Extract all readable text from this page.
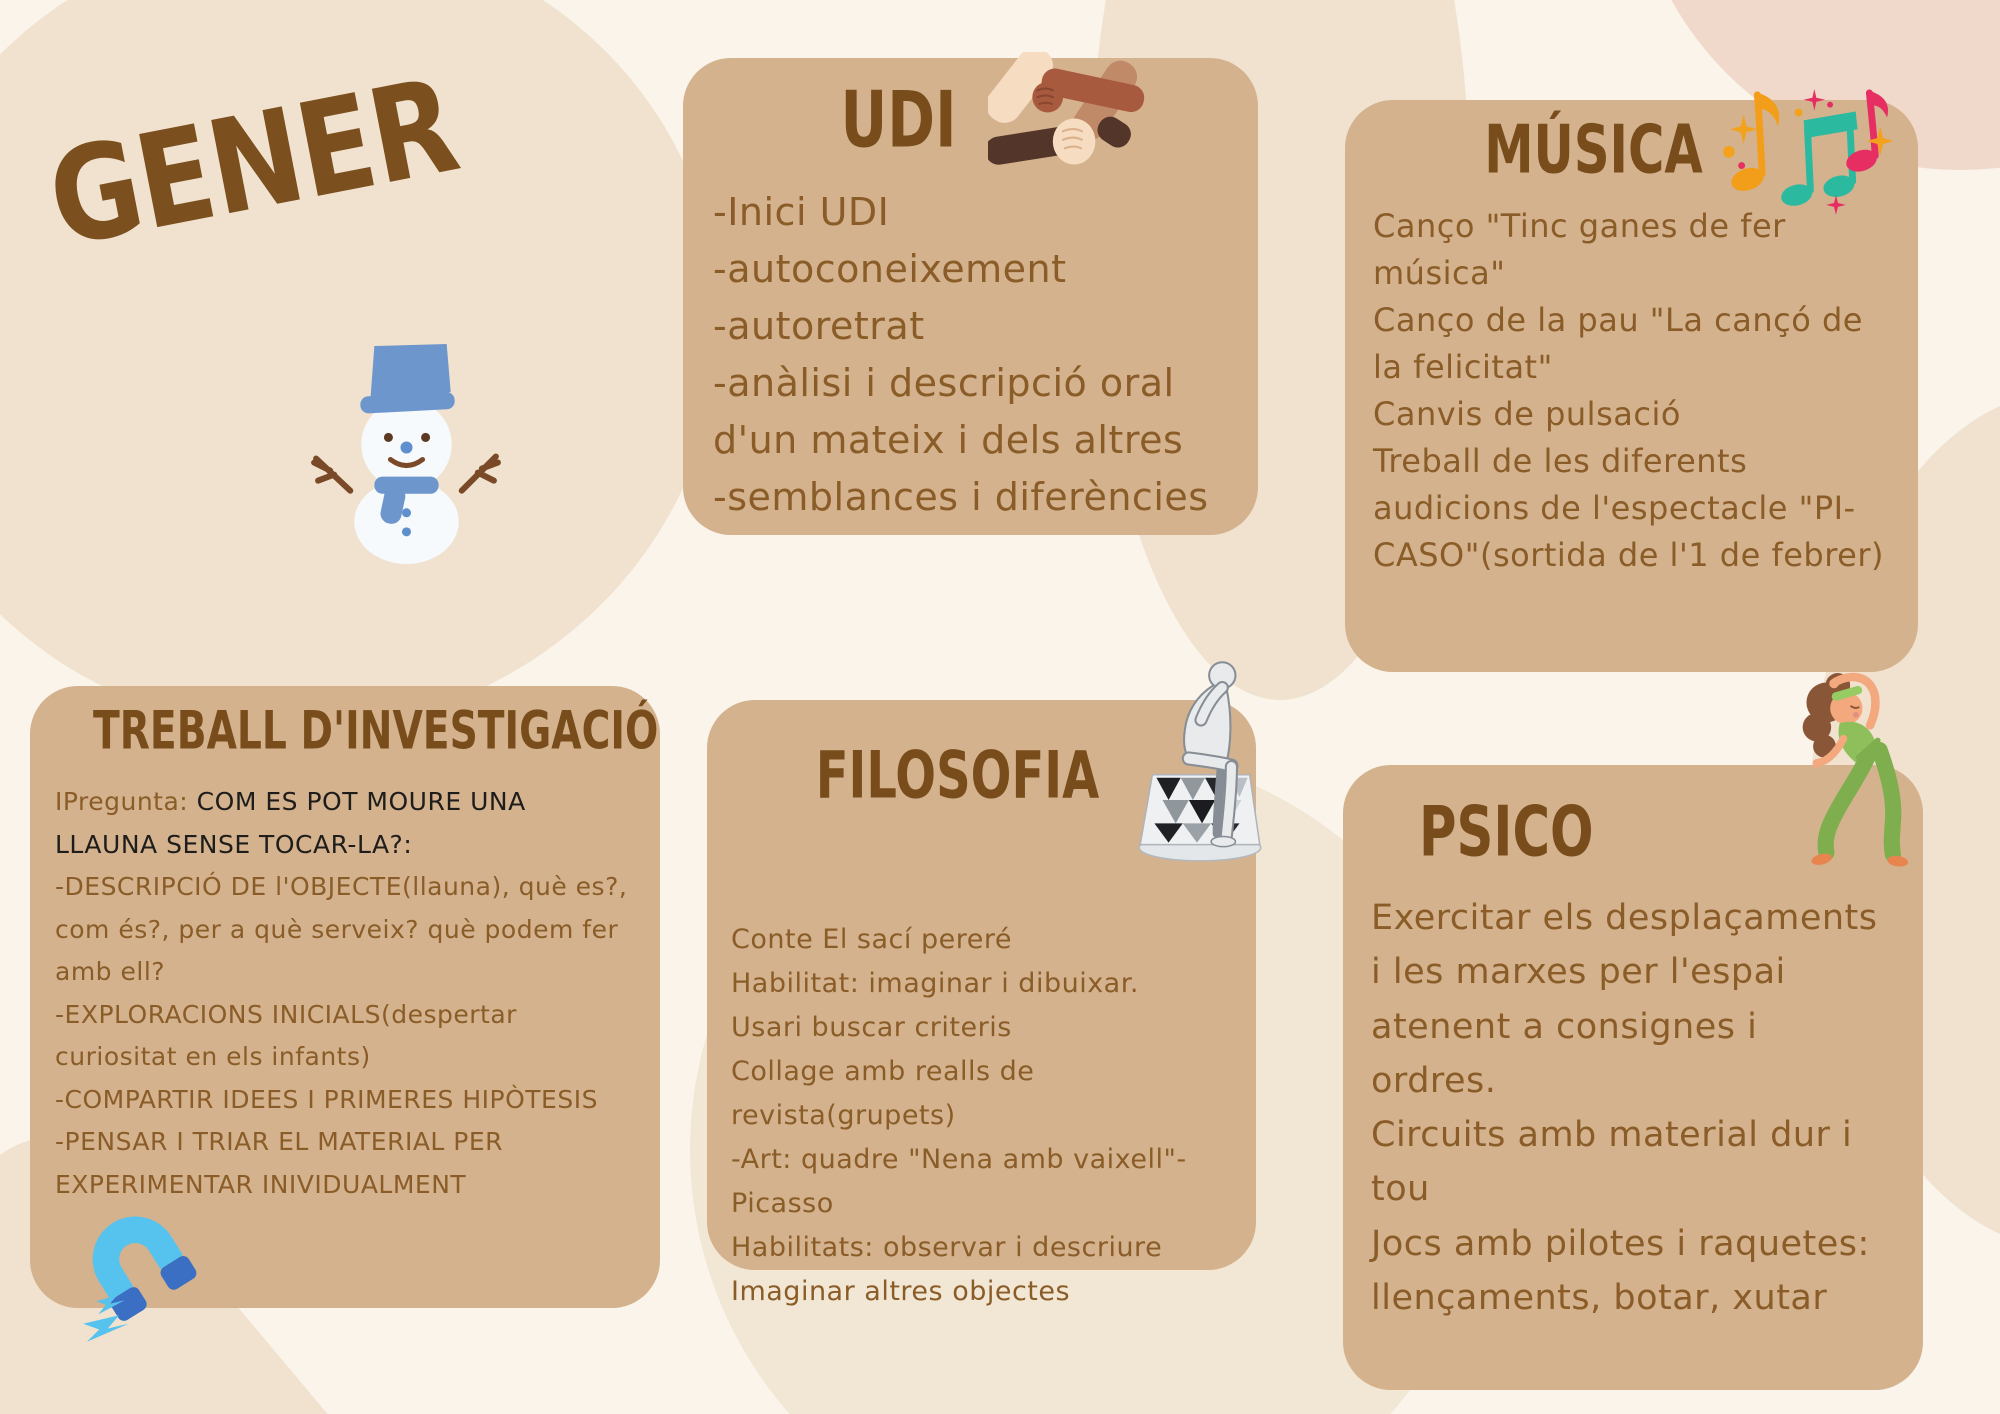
GENER	UDI

-Inici UDI

-autoconeixement

-autoretrat

-anàlisi i descripció oral  d'un mateix i dels altres

-semblances i diferències

MÚSICA

Canço "Tinc ganes de fer música"

Canço de la pau "La cançó de la felicitat"

Canvis de pulsació

Treball de les diferents audicions de l'espectacle "PI-CASO"(sortida de l'1 de febrer)

TREBALL D'INVESTIGACIÓ

IPregunta: COM ES POT MOURE UNA LLAUNA SENSE TOCAR-LA?:

-DESCRIPCIÓ DE l'OBJECTE(llauna), què es?, com és?, per a què serveix? què podem fer amb ell?

-EXPLORACIONS INICIALS(despertar curiositat en els infants)

-COMPARTIR IDEES I PRIMERES HIPÒTESIS

-PENSAR I TRIAR EL MATERIAL PER EXPERIMENTAR INIVIDUALMENT

FILOSOFIA

Conte El sací pereré

Habilitat: imaginar i dibuixar.

Usari buscar criteris

Collage amb realls de revista(grupets)

-Art: quadre "Nena amb vaixell"-Picasso

Habilitats: observar i descriure

Imaginar altres objectes

PSICO

Exercitar els desplaçaments i les marxes per l'espai atenent a consignes i ordres.

Circuits amb material dur i tou

Jocs amb pilotes i raquetes:  llençaments, botar, xutar
